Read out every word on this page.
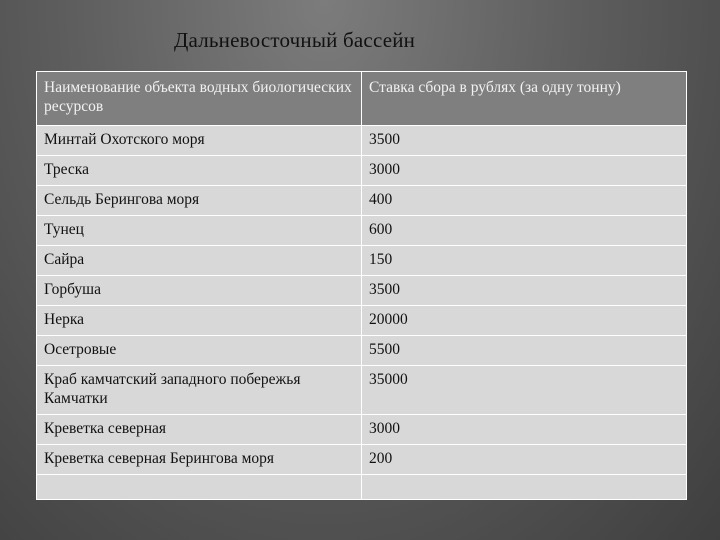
Дальневосточный бассейн
Наименование объекта водных биологических ресурсов	Ставка сбора в рублях (за одну тонну)
Минтай Охотского моря	3500
Треска	3000
Сельдь Берингова моря	400
Тунец	600
Сайра	150
Горбуша	3500
Нерка	20000
Осетровые	5500
Краб камчатский западного побережья Камчатки	35000
Креветка северная	3000
Креветка северная Берингова моря	200
